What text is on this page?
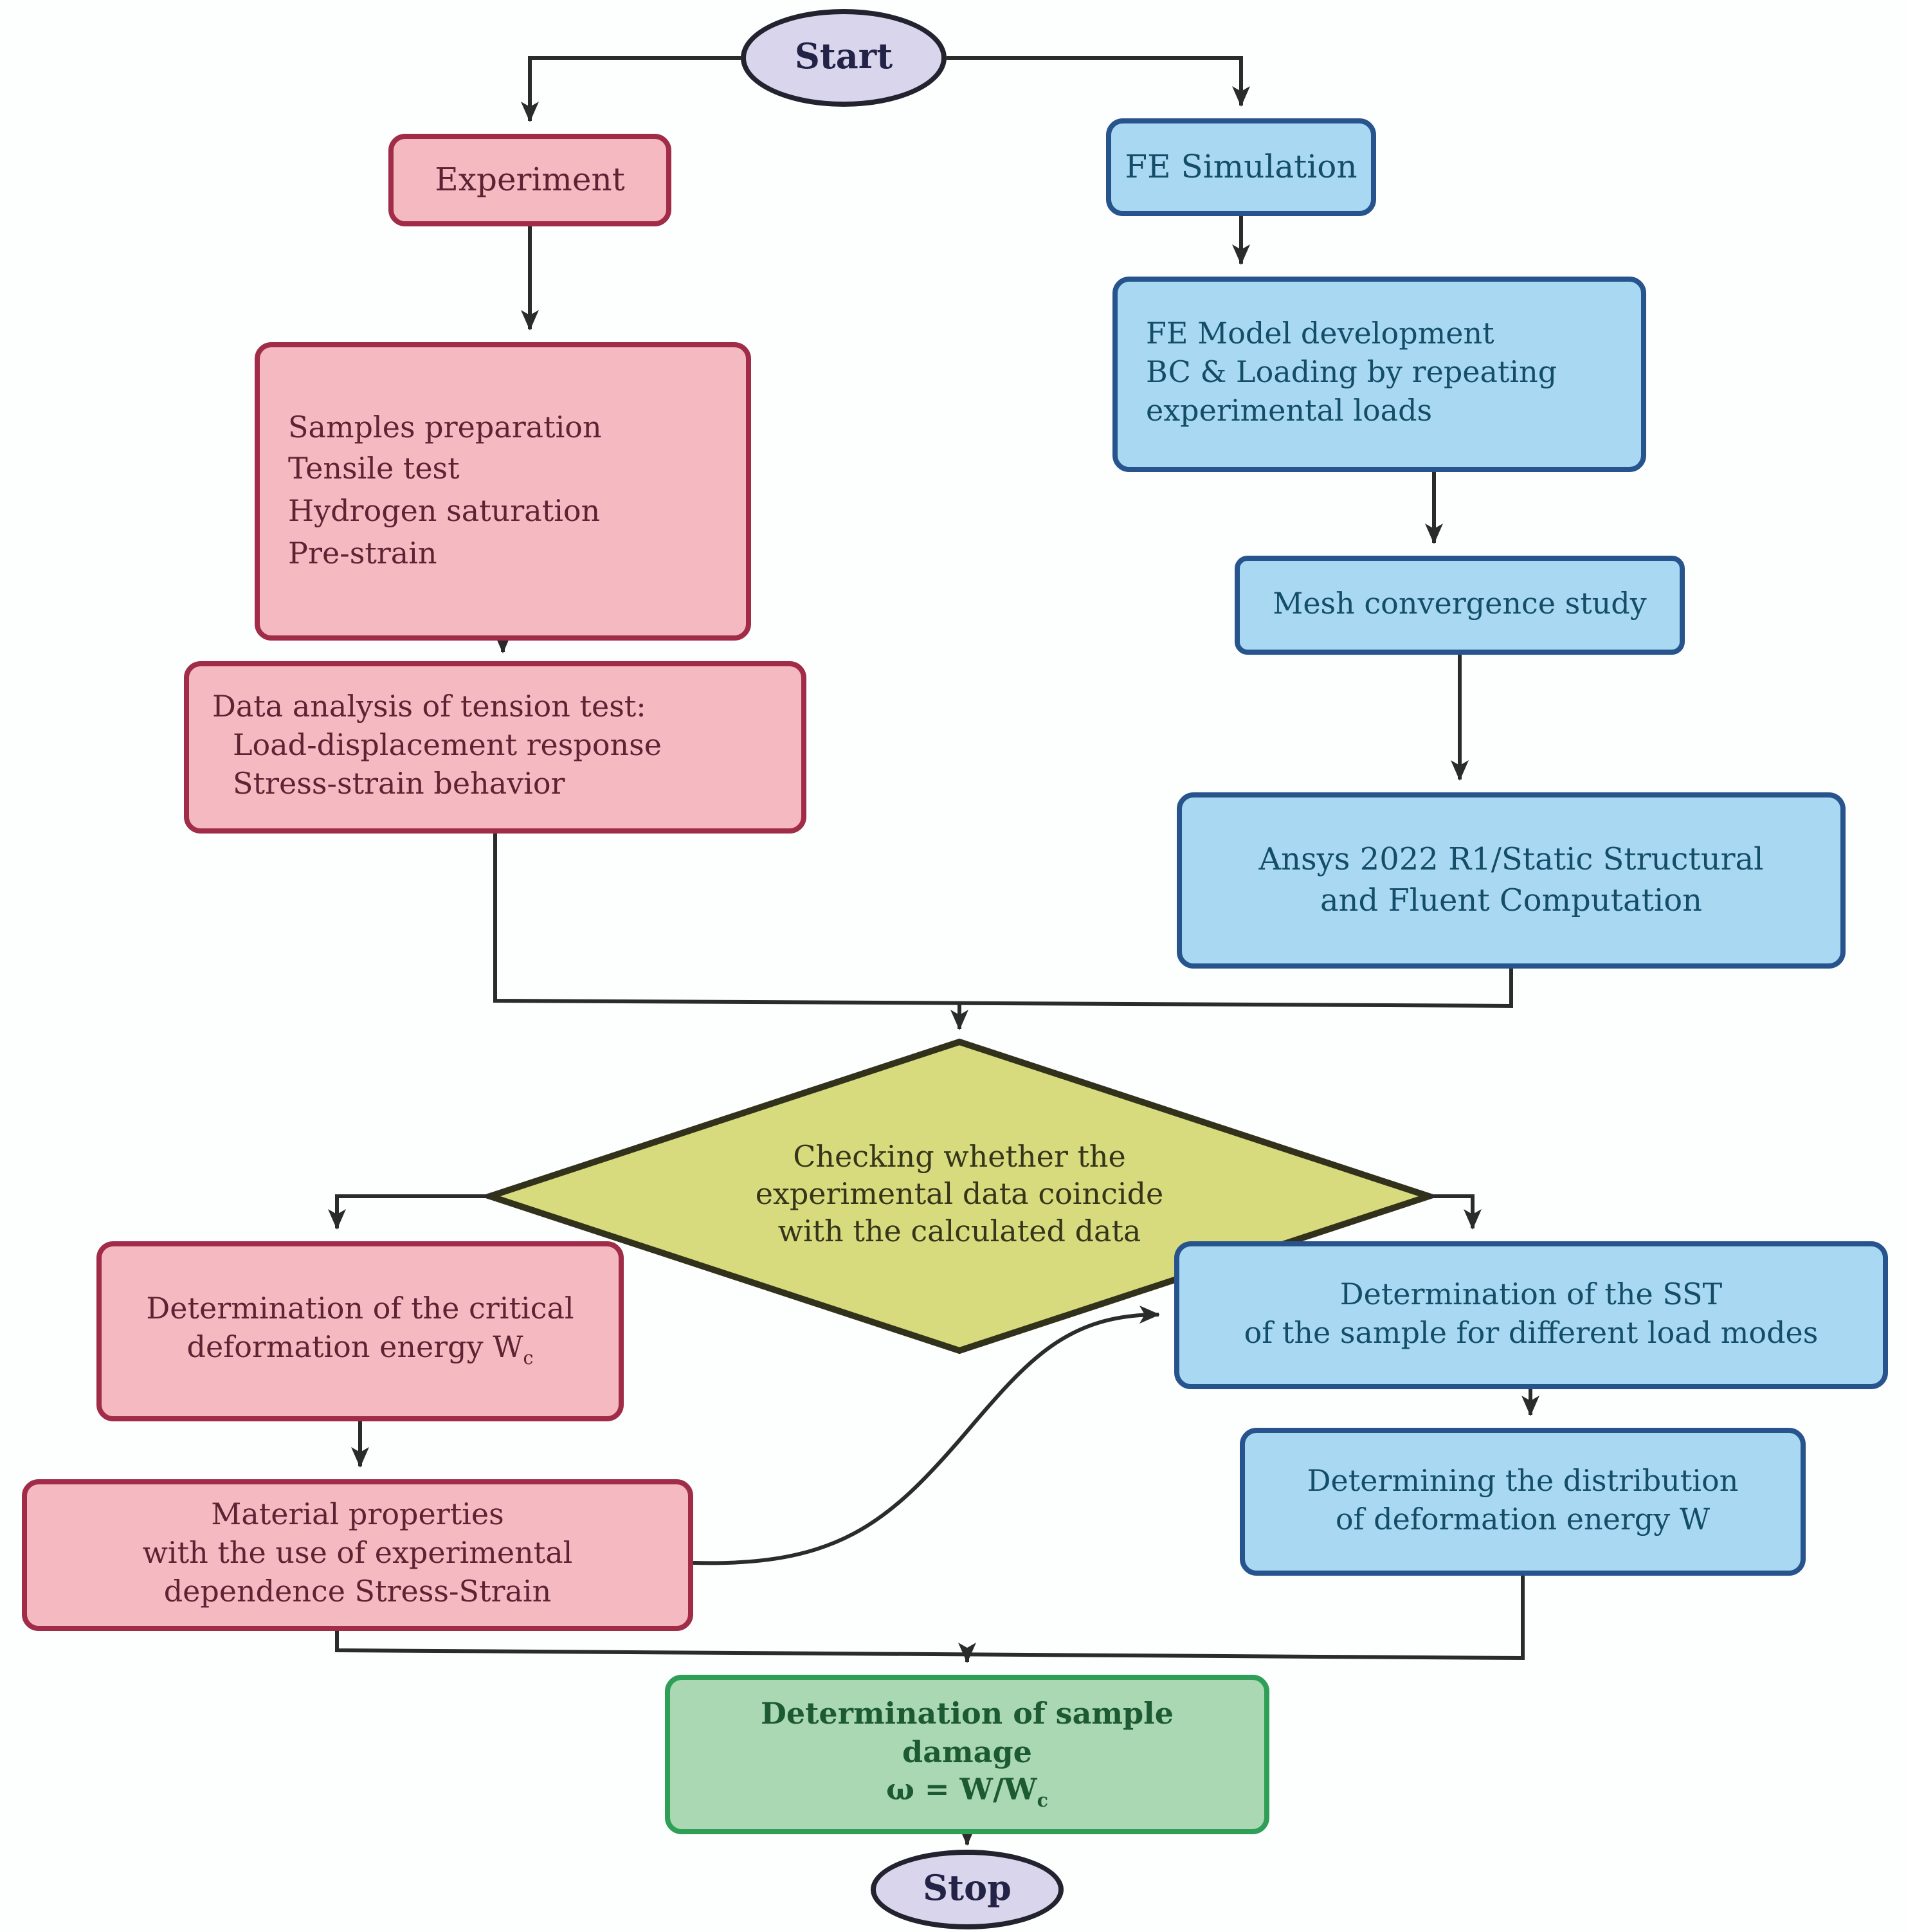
Start
Experiment	FE Simulation
Samples preparation
Tensile test
Hydrogen saturation
Pre-strain
FE Model development
BC & Loading by repeating
experimental loads
Mesh convergence study
Ansys 2022 R1/Static Structural
and Fluent Computation
Data analysis of tension test:
Load-displacement response
Stress-strain behavior
Checking whether the
experimental data coincide
with the calculated data
Determination of the critical
deformation energy $W_c$
Determination of the SST
of the sample for different load modes
Material properties
with the use of experimental
dependence Stress-Strain
Determining the distribution
of deformation energy W
Determination of sample
damage
$\omega = W/W_c$
Stop
